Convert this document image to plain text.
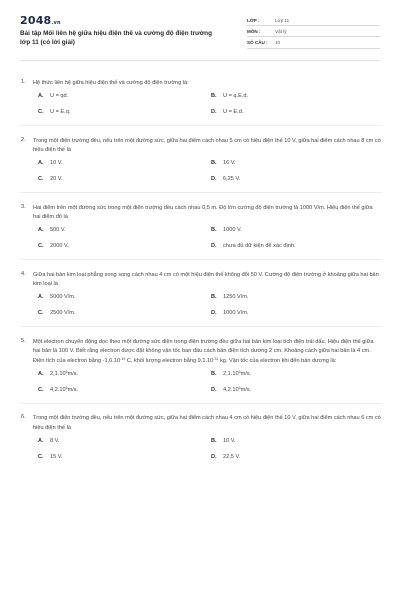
2048.vn
Bài tập Mối liên hệ giữa hiệu điện thế và cường độ điện trường lớp 11 (có lời giải)
LỚP :	Lớp 11
MÔN :	Vật lý
SỐ CÂU :	10
1. Hệ thức liên hệ giữa hiệu điện thế và cường độ điện trường là:
A.	U = qd.	B.	U = q.E.d.
C.	U = E.q.	D.	U = E.d.
2. Trong một điện trường đều, nếu trên một đường sức, giữa hai điểm cách nhau 5 cm có hiệu điện thế 10 V, giữa hai điểm cách nhau 8 cm có hiệu điện thế là
A.	10 V.	B.	16 V.
C.	20 V.	D.	6,25 V.
3. Hai điểm trên một đường sức trong một điện trường đều cách nhau 0,5 m. Độ lớn cường độ điện trường là 1000 V/m. Hiệu điện thế giữa hai điểm đó là
A.	500 V.	B.	1000 V.
C.	2000 V.	D.	chưa đủ dữ kiện để xác định.
4. Giữa hai bản kim loại phẳng song song cách nhau 4 cm có một hiệu điện thế không đổi 50 V. Cường độ điện trường ở khoảng giữa hai bản kim loại là
A.	5000 V/m.	B.	1250 V/m.
C.	2500 V/m.	D.	1000 V/m.
5. Một electron chuyển động dọc theo một đường sức điện trong điện trường đều giữa hai bản kim loại tích điện trái dấu. Hiệu điện thế giữa hai bản là 100 V. Biết rằng electron được đặt không vận tốc ban đầu cách bản điện tích dương 2 cm. Khoảng cách giữa hai bản là 4 cm. Điện tích của electron bằng $-1,6.10^{-19}$ C, khối lượng electron bằng $9,1.10^{-31}$ kg. Vận tốc của electron khi đến bản dương là:
A.	2,1.10 6 m/s.	B.	2,1.10 5 m/s.
C.	4,2.10 6 m/s.	D.	4,2.10 5 m/s.
6. Trong một điện trường đều, nếu trên một đường sức, giữa hai điểm cách nhau 4 cm có hiệu điện thế 10 V, giữa hai điểm cách nhau 6 cm có hiệu điện thế là
A.	8 V.	B.	10 V.
C.	15 V.	D.	22,5 V.
